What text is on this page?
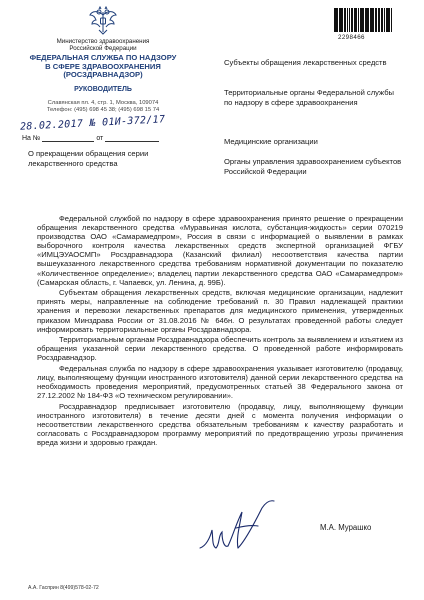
Министерство здравоохранения
Российской Федерации
ФЕДЕРАЛЬНАЯ СЛУЖБА ПО НАДЗОРУ
В СФЕРЕ ЗДРАВООХРАНЕНИЯ
(РОСЗДРАВНАДЗОР)
РУКОВОДИТЕЛЬ
Славянская пл. 4, стр. 1, Москва, 109074
Телефон: (495) 698 45 38; (495) 698 15 74
28.02.2017 № 01И-372/17
На №	от
О прекращении обращения серии лекарственного средства
2298466
Субъекты обращения лекарственных средств
Территориальные органы Федеральной службы по надзору в сфере здравоохранения
Медицинские организации
Органы управления здравоохранением субъектов Российской Федерации

Федеральной службой по надзору в сфере здравоохранения принято решение о прекращении обращения лекарственного средства «Муравьиная кислота, субстанция-жидкость» серии 070219 производства ОАО «Самарамедпром», Россия в связи с информацией о выявлении в рамках выборочного контроля качества лекарственных средств экспертной организацией ФГБУ «ИМЦЭУАОСМП» Росздравнадзора (Казанский филиал) несоответствия качества партии вышеуказанного лекарственного средства требованиям нормативной документации по показателю «Количественное определение»; владелец партии лекарственного средства ОАО «Самарамедпром» (Самарская область, г. Чапаевск, ул. Ленина, д. 99Б).

Субъектам обращения лекарственных средств, включая медицинские организации, надлежит принять меры, направленные на соблюдение требований п. 30 Правил надлежащей практики хранения и перевозки лекарственных препаратов для медицинского применения, утвержденных приказом Минздрава России от 31.08.2016 № 646н. О результатах проведенной работы следует информировать территориальные органы Росздравнадзора.

Территориальным органам Росздравнадзора обеспечить контроль за выявлением и изъятием из обращения указанной серии лекарственного средства. О проведенной работе информировать Росздравнадзор.

Федеральная служба по надзору в сфере здравоохранения указывает изготовителю (продавцу, лицу, выполняющему функции иностранного изготовителя) данной серии лекарственного средства на необходимость проведения мероприятий, предусмотренных статьей 38 Федерального закона от 27.12.2002 № 184-ФЗ «О техническом регулировании».

Росздравнадзор предписывает изготовителю (продавцу, лицу, выполняющему функции иностранного изготовителя) в течение десяти дней с момента получения информации о несоответствии лекарственного средства обязательным требованиям к качеству разработать и согласовать с Росздравнадзором программу мероприятий по предотвращению угрозы причинения вреда жизни и здоровью граждан.

М.А. Мурашко
А.А. Гасприн 8(499)578-02-72
